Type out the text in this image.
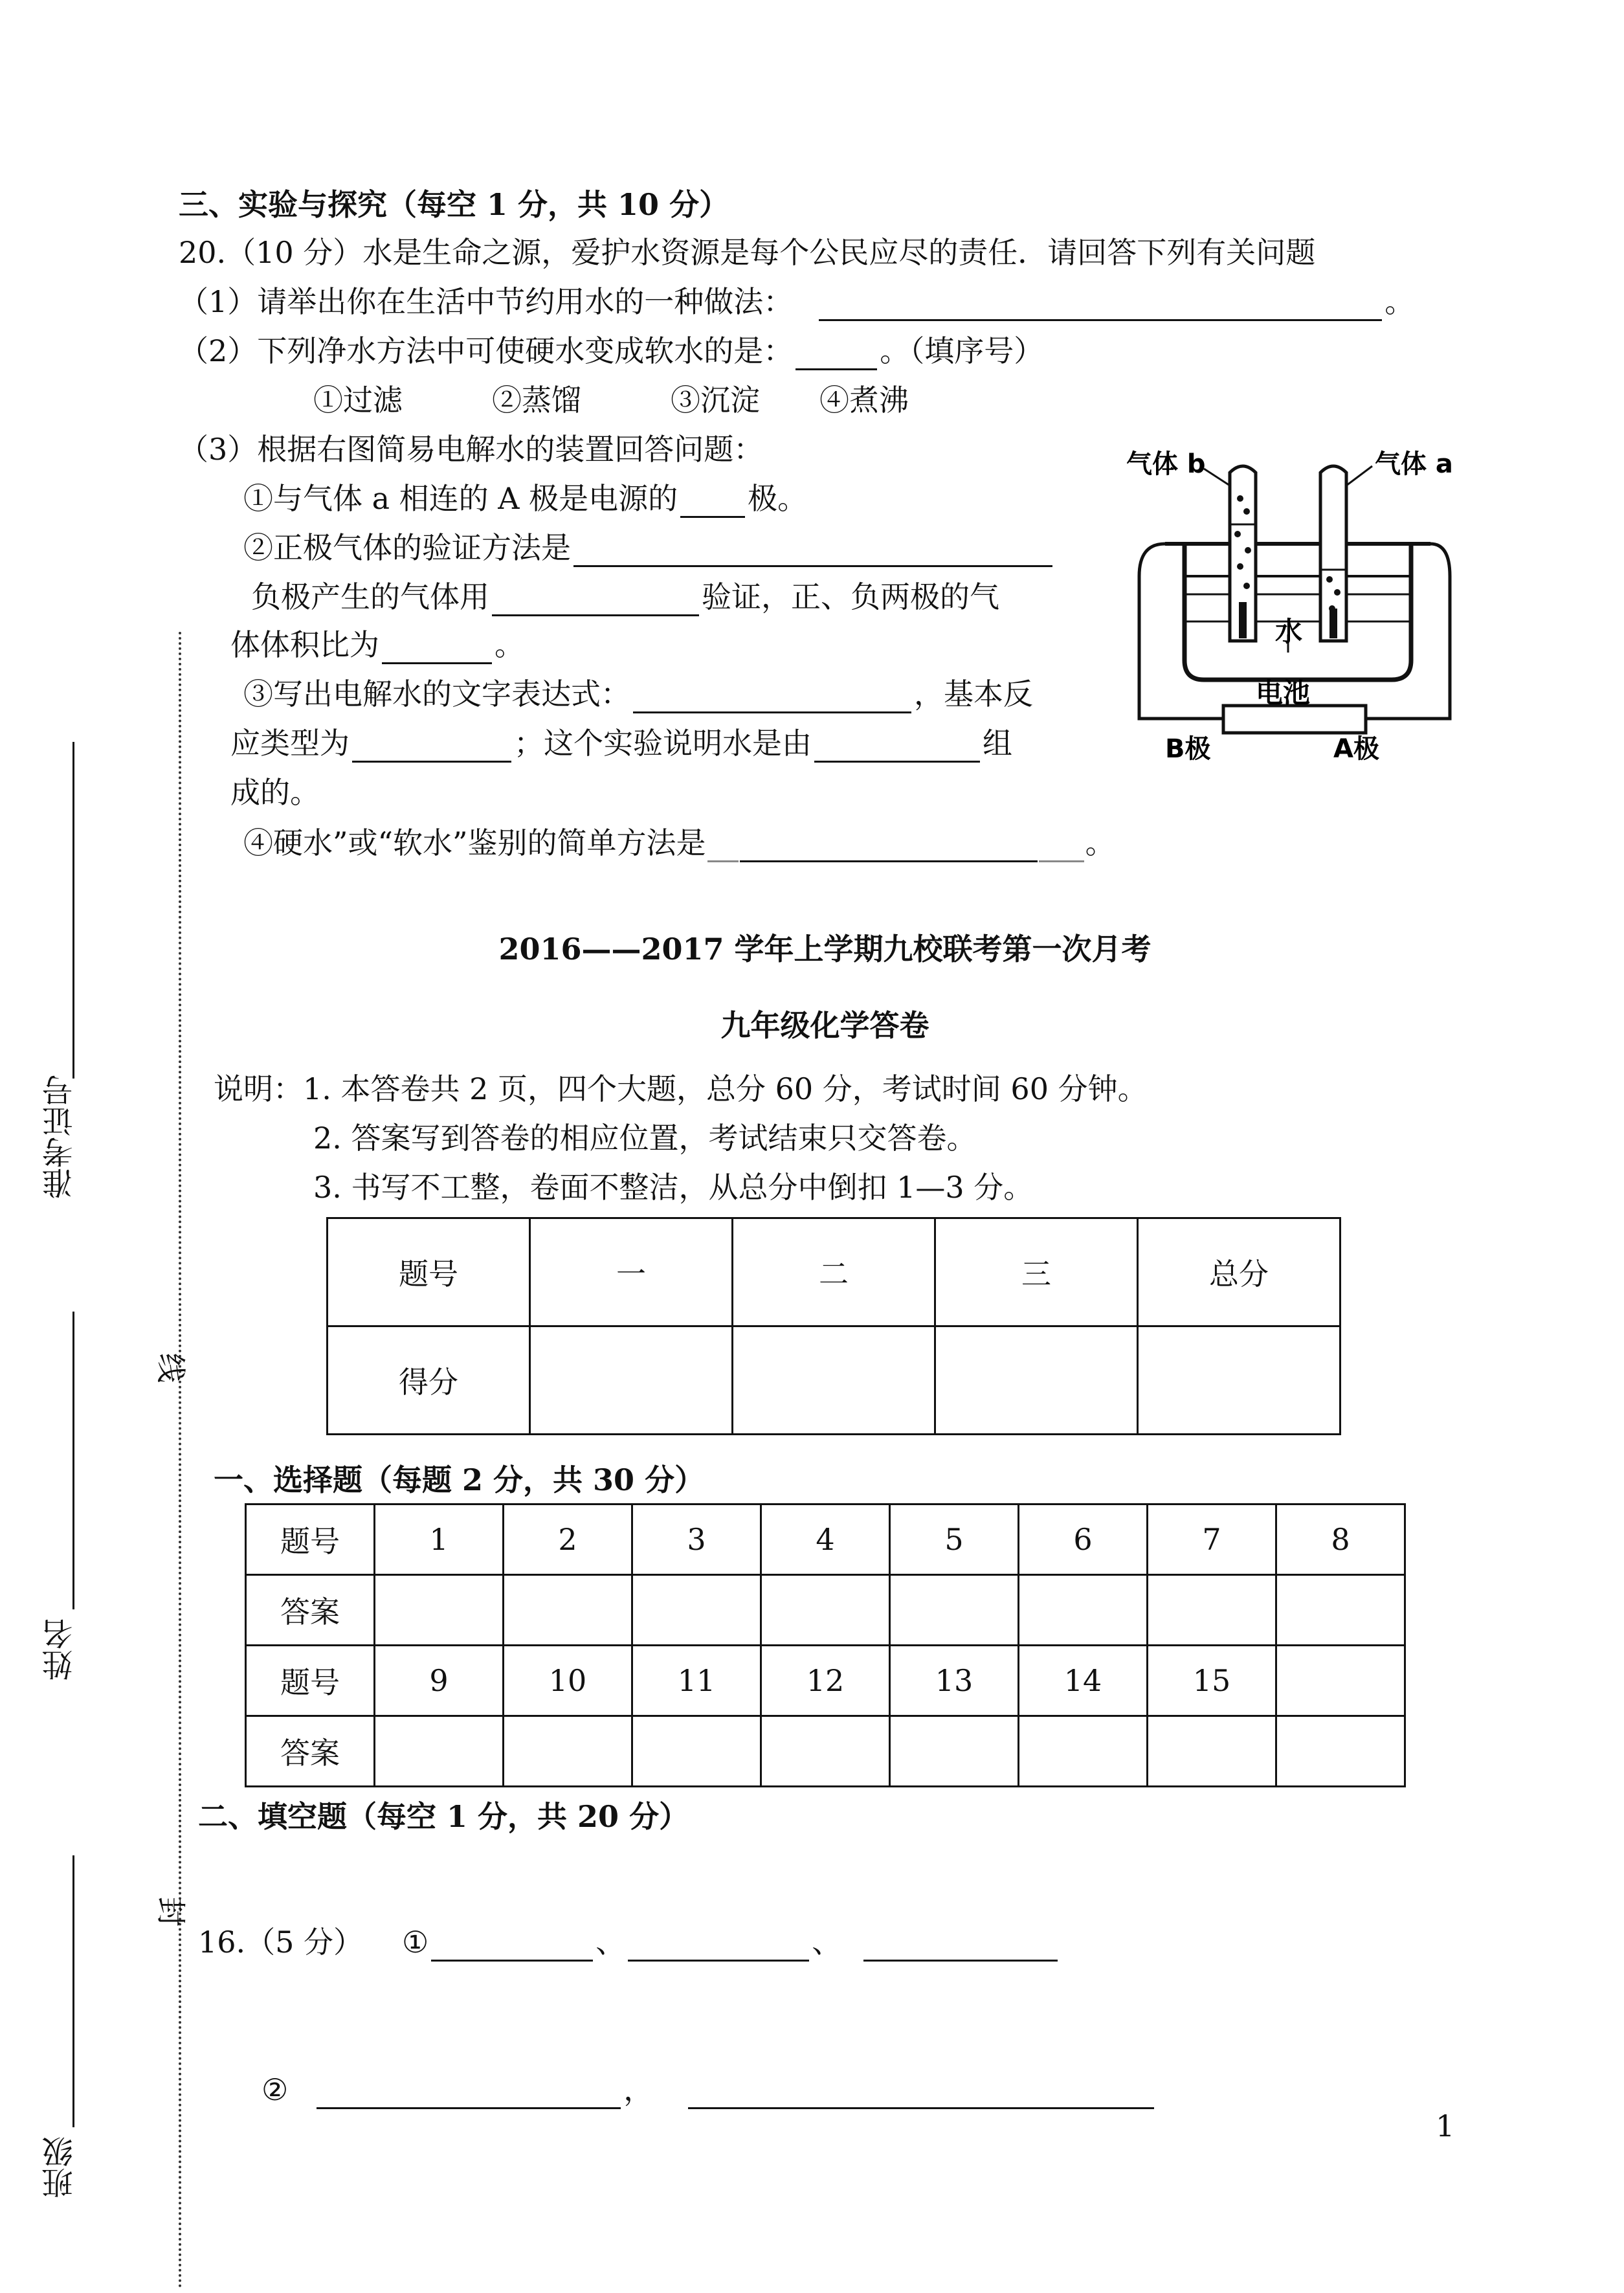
三、实验与探究（每空 1 分，共 10 分）
20.（10 分）水是生命之源，爱护水资源是每个公民应尽的责任．请回答下列有关问题
（1）请举出你在生活中节约用水的一种做法：	。
（2）下列净水方法中可使硬水变成软水的是：	。（填序号）
①过滤　　　②蒸馏　　　③沉淀　　④煮沸
（3）根据右图简易电解水的装置回答问题：
①与气体 a 相连的 A 极是电源的 极。
②正极气体的验证方法是
负极产生的气体用	验证，正、负两极的气
体体积比为	。
③写出电解水的文字表达式：	，基本反
应类型为	；这个实验说明水是由	组
成的。
④硬水”或“软水”鉴别的简单方法是	。
气体 b	气体 a
水
电池
B极	A极
2016——2017 学年上学期九校联考第一次月考
九年级化学答卷
说明：1. 本答卷共 2 页，四个大题，总分 60 分，考试时间 60 分钟。
2. 答案写到答卷的相应位置，考试结束只交答卷。
3. 书写不工整，卷面不整洁，从总分中倒扣 1—3 分。
题号	一	二	三	总分
得分				
一、选择题（每题 2 分，共 30 分）
题号	1	2	3	4	5	6	7	8
答案								
题号	9	10	11	12	13	14	15	
答案								
二、填空题（每空 1 分，共 20 分）
16.（5 分） ①	、	、
②	，
1
线
封
准考证号
姓名
班级
